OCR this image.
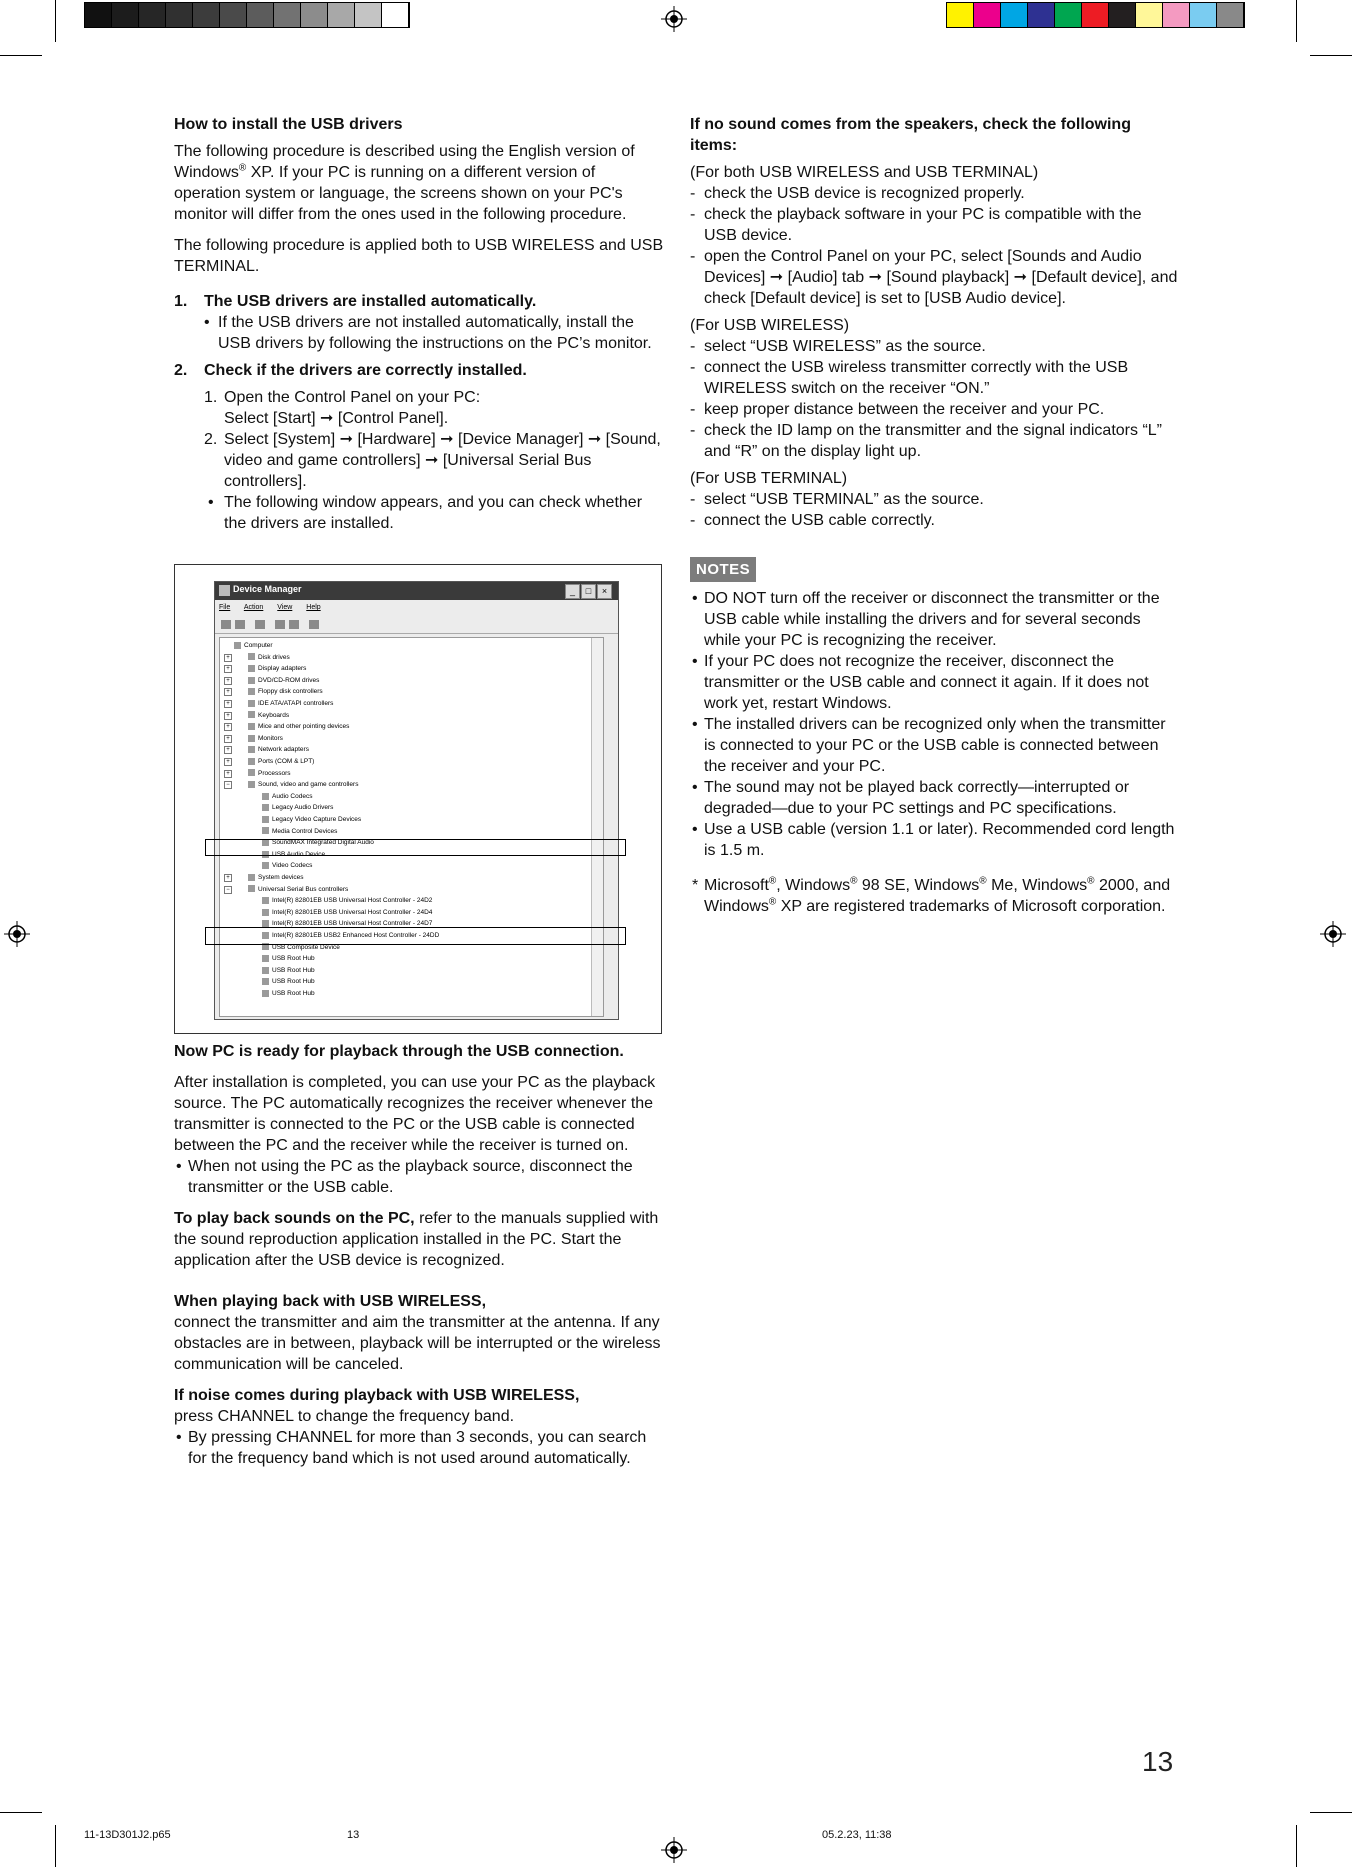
How to install the USB drivers

The following procedure is described using the English version of Windows® XP. If your PC is running on a different version of operation system or language, the screens shown on your PC's monitor will differ from the ones used in the following procedure.

The following procedure is applied both to USB WIRELESS and USB TERMINAL.

1. The USB drivers are installed automatically.

• If the USB drivers are not installed automatically, install the USB drivers by following the instructions on the PC’s monitor.

2. Check if the drivers are correctly installed.

1. Open the Control Panel on your PC:
Select [Start] ➞ [Control Panel].

2. Select [System] ➞ [Hardware] ➞ [Device Manager] ➞ [Sound, video and game controllers] ➞ [Universal Serial Bus controllers].

• The following window appears, and you can check whether the drivers are installed.

Device Manager	_	□	×
File Action View Help
Computer
+	Disk drives
+	Display adapters
+	DVD/CD-ROM drives
+	Floppy disk controllers
+	IDE ATA/ATAPI controllers
+	Keyboards
+	Mice and other pointing devices
+	Monitors
+	Network adapters
+	Ports (COM & LPT)
+	Processors
−	Sound, video and game controllers
Audio Codecs
Legacy Audio Drivers
Legacy Video Capture Devices
Media Control Devices
SoundMAX Integrated Digital Audio
USB Audio Device
Video Codecs
+	System devices
−	Universal Serial Bus controllers
Intel(R) 82801EB USB Universal Host Controller - 24D2
Intel(R) 82801EB USB Universal Host Controller - 24D4
Intel(R) 82801EB USB Universal Host Controller - 24D7
Intel(R) 82801EB USB2 Enhanced Host Controller - 24DD
USB Composite Device
USB Root Hub
USB Root Hub
USB Root Hub
USB Root Hub

Now PC is ready for playback through the USB connection.

After installation is completed, you can use your PC as the playback source. The PC automatically recognizes the receiver whenever the transmitter is connected to the PC or the USB cable is connected between the PC and the receiver while the receiver is turned on.

• When not using the PC as the playback source, disconnect the transmitter or the USB cable.

To play back sounds on the PC, refer to the manuals supplied with the sound reproduction application installed in the PC. Start the application after the USB device is recognized.

When playing back with USB WIRELESS,

connect the transmitter and aim the transmitter at the antenna. If any obstacles are in between, playback will be interrupted or the wireless communication will be canceled.

If noise comes during playback with USB WIRELESS,

press CHANNEL to change the frequency band.

• By pressing CHANNEL for more than 3 seconds, you can search for the frequency band which is not used around automatically.

If no sound comes from the speakers, check the following items:

(For both USB WIRELESS and USB TERMINAL)

- check the USB device is recognized properly.

- check the playback software in your PC is compatible with the USB device.

- open the Control Panel on your PC, select [Sounds and Audio Devices] ➞ [Audio] tab ➞ [Sound playback] ➞ [Default device], and check [Default device] is set to [USB Audio device].

(For USB WIRELESS)

- select “USB WIRELESS” as the source.

- connect the USB wireless transmitter correctly with the USB WIRELESS switch on the receiver “ON.”

- keep proper distance between the receiver and your PC.

- check the ID lamp on the transmitter and the signal indicators “L” and “R” on the display light up.

(For USB TERMINAL)

- select “USB TERMINAL” as the source.

- connect the USB cable correctly.

NOTES

• DO NOT turn off the receiver or disconnect the transmitter or the USB cable while installing the drivers and for several seconds while your PC is recognizing the receiver.

• If your PC does not recognize the receiver, disconnect the transmitter or the USB cable and connect it again. If it does not work yet, restart Windows.

• The installed drivers can be recognized only when the transmitter is connected to your PC or the USB cable is connected between the receiver and your PC.

• The sound may not be played back correctly—interrupted or degraded—due to your PC settings and PC specifications.

• Use a USB cable (version 1.1 or later). Recommended cord length is 1.5 m.

* Microsoft®, Windows® 98 SE, Windows® Me, Windows® 2000, and Windows® XP are registered trademarks of Microsoft corporation.

13
11-13D301J2.p65	13	05.2.23, 11:38
